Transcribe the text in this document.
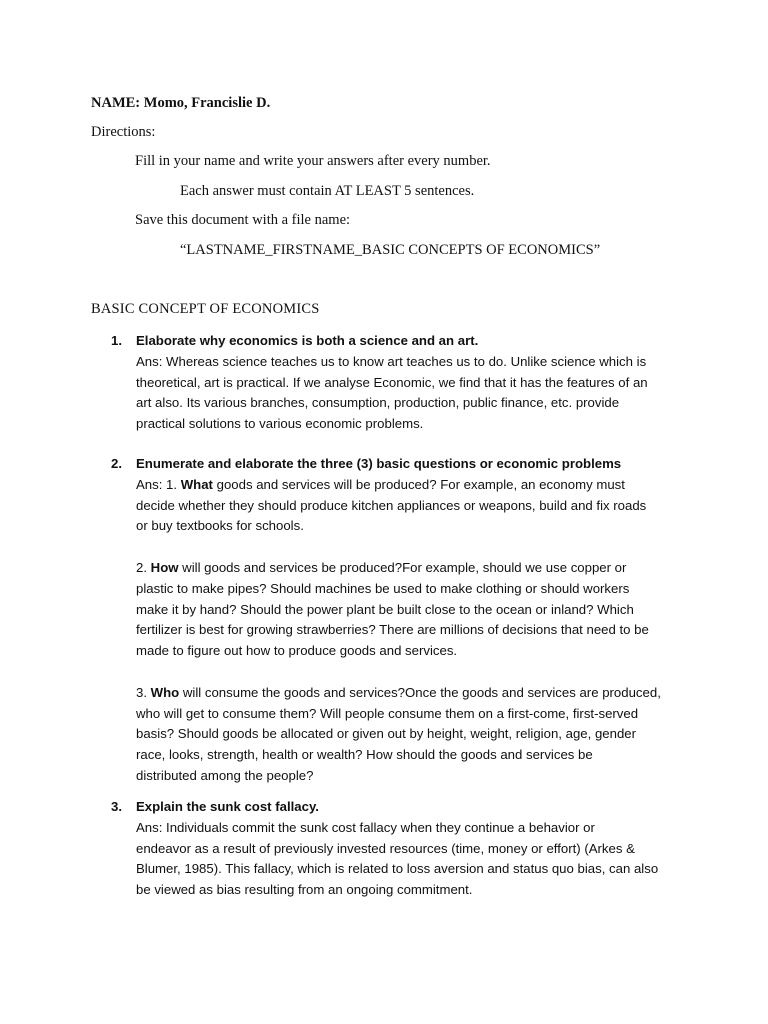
NAME: Momo, Francislie D.

Directions:

Fill in your name and write your answers after every number.

Each answer must contain AT LEAST 5 sentences.

Save this document with a file name:

“LASTNAME_FIRSTNAME_BASIC CONCEPTS OF ECONOMICS”

BASIC CONCEPT OF ECONOMICS

1. Elaborate why economics is both a science and an art.
Ans: Whereas science teaches us to know art teaches us to do. Unlike science which is
theoretical, art is practical. If we analyse Economic, we find that it has the features of an
art also. Its various branches, consumption, production, public finance, etc. provide
practical solutions to various economic problems.
2. Enumerate and elaborate the three (3) basic questions or economic problems
Ans: 1. What goods and services will be produced? For example, an economy must
decide whether they should produce kitchen appliances or weapons, build and fix roads
or buy textbooks for schools.
2. How will goods and services be produced?For example, should we use copper or
plastic to make pipes? Should machines be used to make clothing or should workers
make it by hand? Should the power plant be built close to the ocean or inland? Which
fertilizer is best for growing strawberries? There are millions of decisions that need to be
made to figure out how to produce goods and services.
3. Who will consume the goods and services?Once the goods and services are produced,
who will get to consume them? Will people consume them on a first-come, first-served
basis? Should goods be allocated or given out by height, weight, religion, age, gender
race, looks, strength, health or wealth? How should the goods and services be
distributed among the people?
3. Explain the sunk cost fallacy.
Ans: Individuals commit the sunk cost fallacy when they continue a behavior or
endeavor as a result of previously invested resources (time, money or effort) (Arkes &
Blumer, 1985). This fallacy, which is related to loss aversion and status quo bias, can also
be viewed as bias resulting from an ongoing commitment.
